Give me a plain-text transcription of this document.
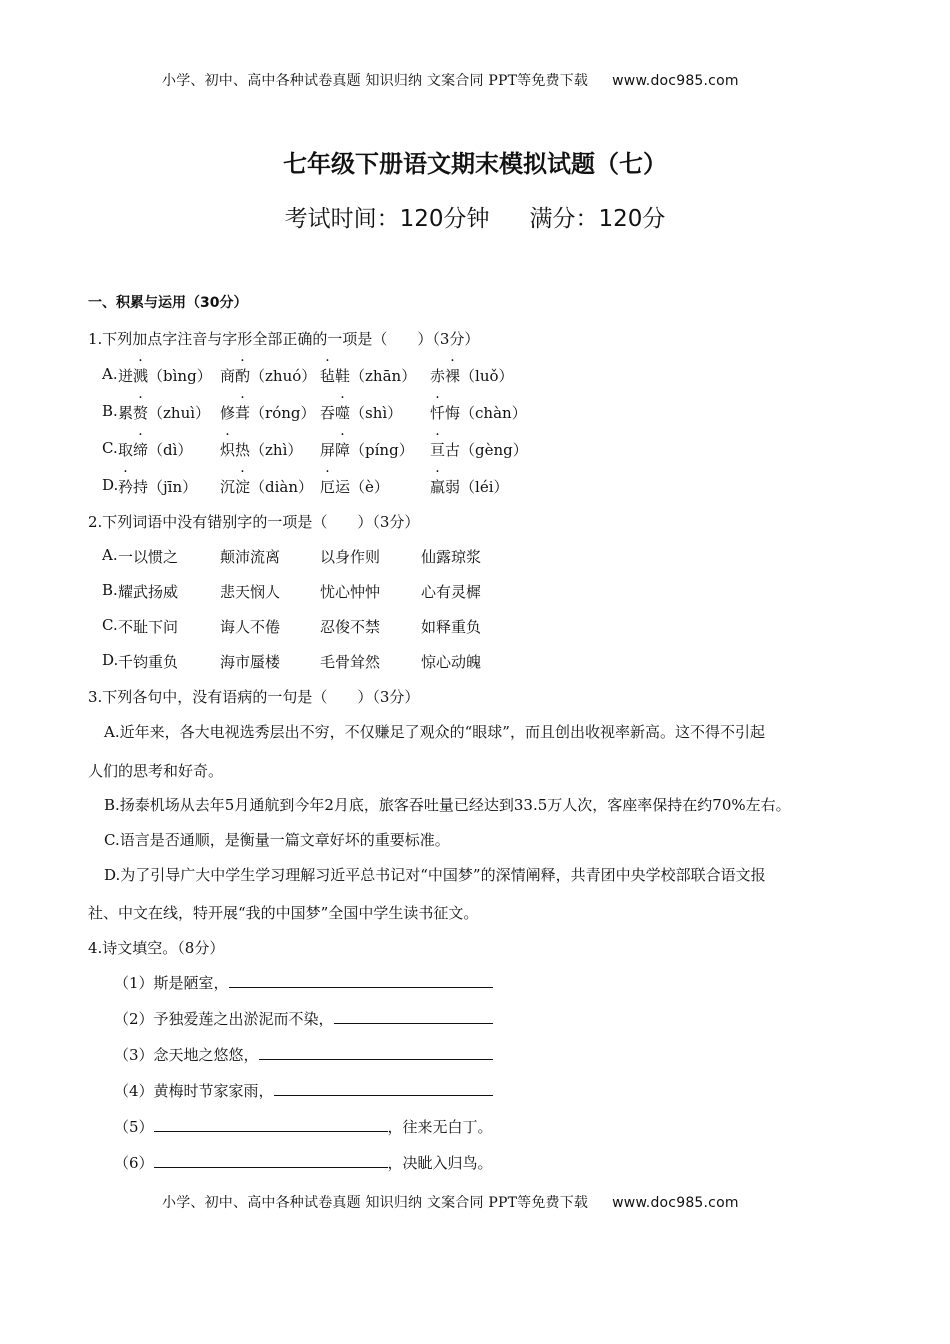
小学、初中、高中各种试卷真题 知识归纳 文案合同 PPT等免费下载 www.doc985.com
七年级下册语文期末模拟试题（七）
考试时间：120分钟 满分：120分
一、积累与运用（30分）
1.下列加点字注音与字形全部正确的一项是（　　）（3分）
A. 迸溅（bìng） 商酌（zhuó） 毡鞋（zhān） 赤裸（luǒ）
B. 累赘（zhuì） 修葺（róng） 吞噬（shì） 忏悔（chàn）
C. 取缔（dì） 炽热（zhì） 屏障（píng） 亘古（gèng）
D. 矜持（jīn） 沉淀（diàn） 厄运（è）	羸弱（léi）
2.下列词语中没有错别字的一项是（　　）（3分）
A. 一以惯之	颠沛流离	以身作则	仙露琼浆
B. 耀武扬威	悲天悯人	忧心忡忡	心有灵樨
C. 不耻下问	诲人不倦	忍俊不禁	如释重负
D. 千钧重负	海市蜃楼	毛骨耸然	惊心动魄
3.下列各句中，没有语病的一句是（　　）（3分）
A.近年来，各大电视选秀层出不穷，不仅赚足了观众的“眼球”，而且创出收视率新高。这不得不引起
人们的思考和好奇。
B.扬泰机场从去年5月通航到今年2月底，旅客吞吐量已经达到33.5万人次，客座率保持在约70%左右。
C.语言是否通顺，是衡量一篇文章好坏的重要标准。
D.为了引导广大中学生学习理解习近平总书记对“中国梦”的深情阐释，共青团中央学校部联合语文报
社、中文在线，特开展“我的中国梦”全国中学生读书征文。
4.诗文填空。（8分）
（1）斯是陋室，
（2）予独爱莲之出淤泥而不染，
（3）念天地之悠悠，
（4）黄梅时节家家雨，
（5）	，往来无白丁。
（6）	，决眦入归鸟。
小学、初中、高中各种试卷真题 知识归纳 文案合同 PPT等免费下载 www.doc985.com
